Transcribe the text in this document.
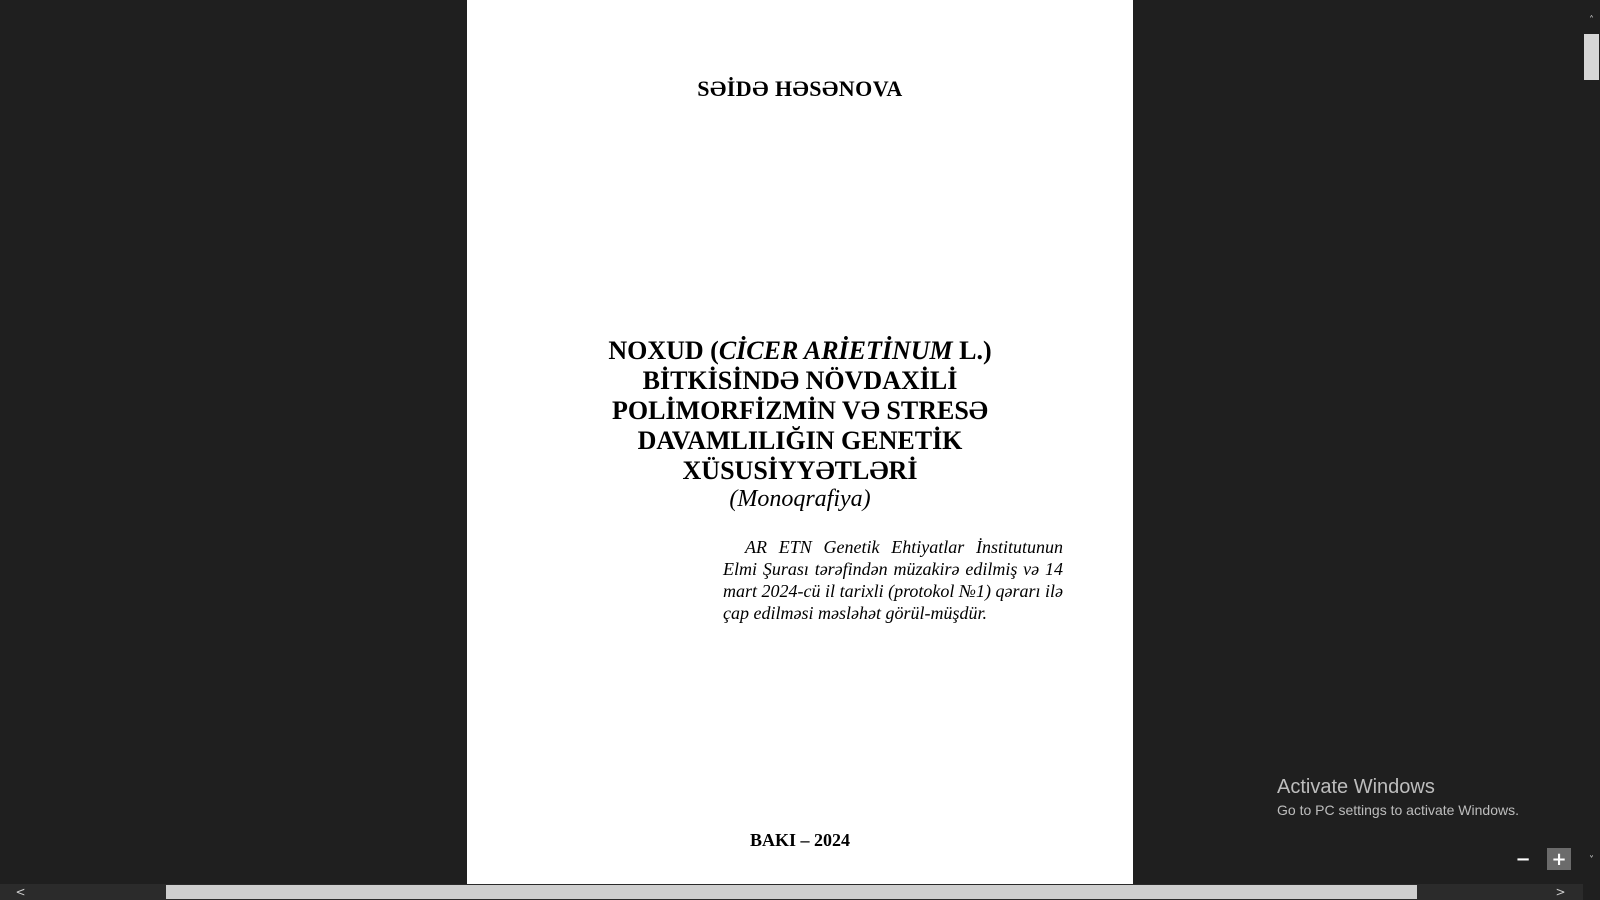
SƏİDƏ HƏSƏNOVA
NOXUD (CİCER ARİETİNUM L.)
BİTKİSİNDƏ NÖVDAXİLİ
POLİMORFİZMİN VƏ STRESƏ
DAVAMLILIĞIN GENETİK
XÜSUSİYYƏTLƏRİ
(Monoqrafiya)
AR ETN Genetik Ehtiyatlar İnstitutunun Elmi Şurası tərəfindən müzakirə edilmiş və 14 mart 2024-cü il tarixli (protokol №1) qərarı ilə çap edilməsi məsləhət görül-müşdür.
BAKI – 2024
Activate Windows
Go to PC settings to activate Windows.
− +
˄
˅
<	>
